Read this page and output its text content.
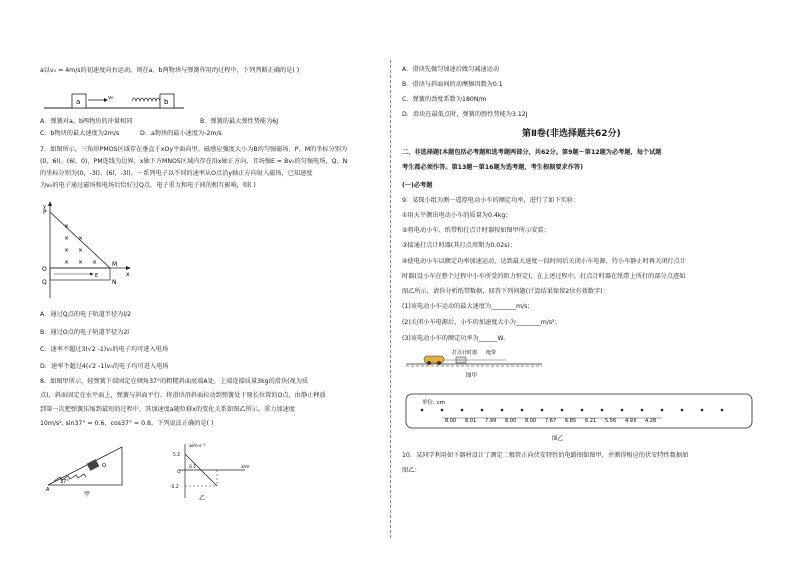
a以v₀ = 4m/s的初速度向右运动。则在a、b两物块与弹簧作用的过程中，下列判断正确的是( )
a	v₀	b
A．弹簧对a、b两物块的冲量相同	B．弹簧的最大弹性势能为6J
C．b物块的最大速度为2m/s	D．a物块的最小速度为-2m/s
7．如图所示，三角形PMOS区域存在垂直于xOy平面向里、磁感应强度大小为B的匀强磁场，P、M的坐标分别为
(0，6l)、(6l，0)，PM连线为边界，x轴下方MNOS区域内存在沿x轴正方向，且场强E = Bv₀的匀强电场，Q、N
的坐标分别为(0，-3l)、(6l，-3l)。一系列电子以不同的速率从O点沿y轴正方向射入磁场，已知速度
为v₀的电子通过磁场和电场后恰好过Q点，电子重力和电子间的相互影响，则( )
×
× ×
× ×
× × ×
P
y
O
Q
M
N
x
E
A．通过Q点的电子轨道半径为l/2
B．通过O点的电子轨道半径为2l
C．速率不超过3(√2 -1)v₀的电子均可进入电场
D．速率不超过4(√2 -1)v₀的电子均可进入电场
8．如图甲所示，轻弹簧下端固定在倾角37°的粗糙斜面底端A处，上端连接质量3kg的滑块(视为质
点)，斜面固定在水平面上，弹簧与斜面平行。将滑块沿斜面拉动到弹簧处于原长位置的O点，由静止释放
到第一次把弹簧压缩到最短的过程中，其加速度a随位移x的变化关系如图乙所示，重力加速度
10m/s², sin37° = 0.6，cos37° = 0.8。下列说法正确的是( )
37°
O
A
甲
a/m·s⁻²
x/m
5.2
O
0.1
-5.2
乙
A．滑块先做匀加速后做匀减速运动
B．滑块与斜面间的动摩擦因数为0.1
C．弹簧的劲度系数为180N/m
D．滑块在最低点时，弹簧的弹性势能为3.12J
第Ⅱ卷(非选择题共62分)
二、非选择题(本题包括必考题和选考题两部分，共62分。第9题～第12题为必考题，每个试题
考生都必须作答。第13题～第16题为选考题，考生根据要求作答)
(一)必考题
9．某探小组为测一遥控电动小车的额定功率，进行了如下实验：
①用天平测出电动小车的质量为0.4kg；
②将电动小车、纸带和打点计时器按如图甲所示安装；
③接通打点计时器(其打点周期为0.02s)；
④使电动小车以额定功率加速运动，达到最大速度一段时间后关闭小车电源，待小车静止时再关闭打点计
时器(设小车在整个过程中小车所受的阻力恒定)，在上述过程中，打点计时器在纸带上所打的部分点迹如
图乙所示，请你分析纸带数据，回答下列问题(计算结果保留2位有效数字)：
(1)该电动小车运动的最大速度为________m/s；
(2)关闭小车电源后，小车的加速度大小为________m/s²；
(3)该电动小车的额定功率为______W。
打点计时器 纸带
图甲
单位: cm
8.00 8.01 7.99 8.00 8.00 7.67 6.85 6.21 5.56 4.93 4.28
图乙
10．某同学利用如下器材设计了测定二极管正向伏安特性的电路图如图甲，并测得相应的伏安特性数据如
图乙：
